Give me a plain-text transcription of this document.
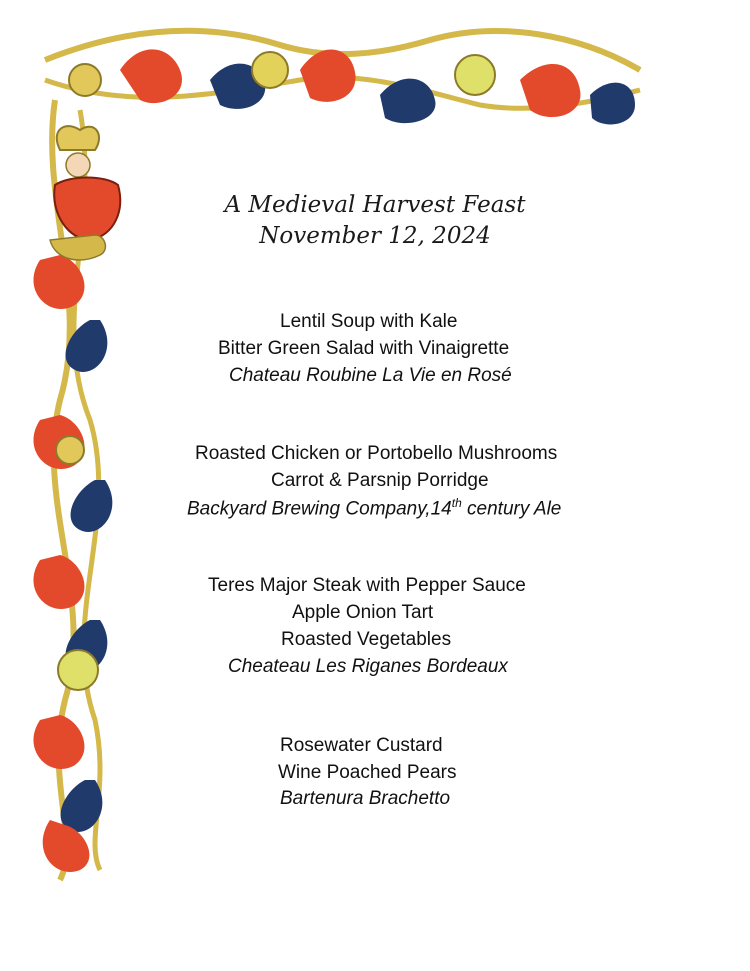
A Medieval Harvest Feast
November 12, 2024
Lentil Soup with Kale
Bitter Green Salad with Vinaigrette
Chateau Roubine La Vie en Rosé
Roasted Chicken or Portobello Mushrooms
Carrot & Parsnip Porridge
Backyard Brewing Company,14th century Ale
Teres Major Steak with Pepper Sauce
Apple Onion Tart
Roasted Vegetables
Cheateau Les Riganes Bordeaux
Rosewater Custard
Wine Poached Pears
Bartenura Brachetto
